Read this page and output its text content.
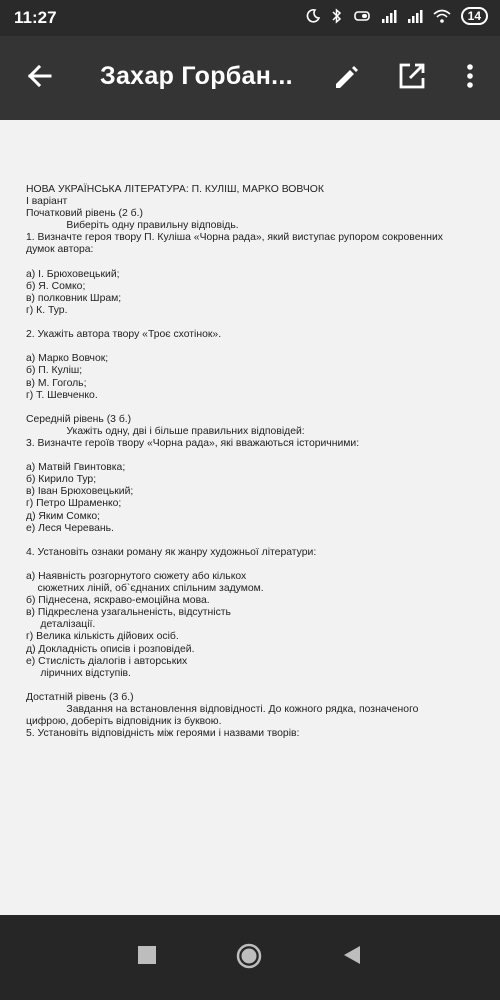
11:27	14
Захар Горбан...
НОВА УКРАЇНСЬКА ЛІТЕРАТУРА: П. КУЛІШ, МАРКО ВОВЧОК
І варіант
Початковий рівень (2 б.)
Виберіть одну правильну відповідь.
1. Визначте героя твору П. Куліша «Чорна рада», який виступає рупором сокровенних
думок автора:
а) І. Брюховецький;
б) Я. Сомко;
в) полковник Шрам;
г) К. Тур.
2. Укажіть автора твору «Троє схотінок».
а) Марко Вовчок;
б) П. Куліш;
в) М. Гоголь;
г) Т. Шевченко.
Середній рівень (3 б.)
Укажіть одну, дві і більше правильних відповідей:
3. Визначте героїв твору «Чорна рада», які вважаються історичними:
а) Матвій Гвинтовка;
б) Кирило Тур;
в) Іван Брюховецький;
г) Петро Шраменко;
д) Яким Сомко;
е) Леся Черевань.
4. Установіть ознаки роману як жанру художньої літератури:
а) Наявність розгорнутого сюжету або кількох
сюжетних ліній, об`єднаних спільним задумом.
б) Піднесена, яскраво-емоційна мова.
в) Підкреслена узагальненість, відсутність
деталізації.
г) Велика кількість дійових осіб.
д) Докладність описів і розповідей.
е) Стислість діалогів і авторських
ліричних відступів.
Достатній рівень (3 б.)
Завдання на встановлення відповідності. До кожного рядка, позначеного
цифрою, доберіть відповідник із буквою.
5. Установіть відповідність між героями і назвами творів:
